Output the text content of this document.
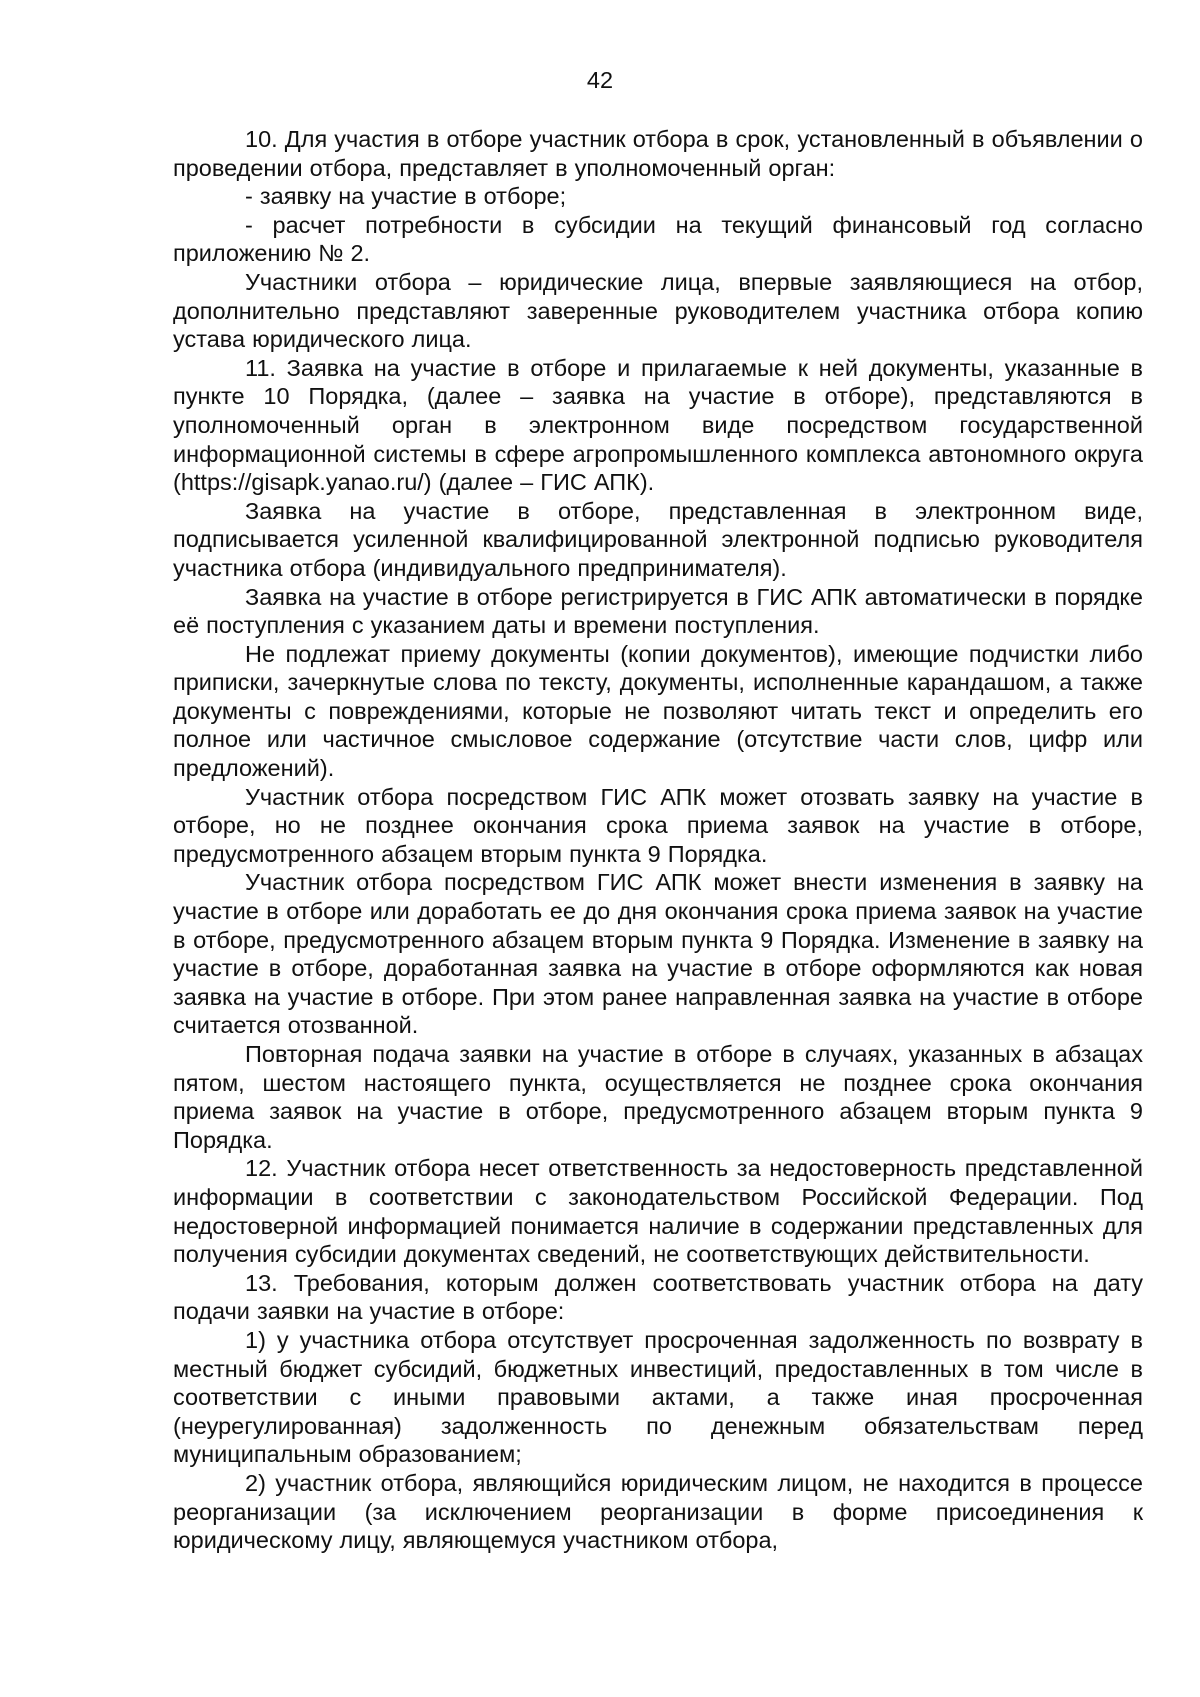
42

10. Для участия в отборе участник отбора в срок, установленный в объявлении о проведении отбора, представляет в уполномоченный орган:

- заявку на участие в отборе;

- расчет потребности в субсидии на текущий финансовый год согласно приложению № 2.

Участники отбора – юридические лица, впервые заявляющиеся на отбор, дополнительно представляют заверенные руководителем участника отбора копию устава юридического лица.

11. Заявка на участие в отборе и прилагаемые к ней документы, указанные в пункте 10 Порядка, (далее – заявка на участие в отборе), представляются в уполномоченный орган в электронном виде посредством государственной информационной системы в сфере агропромышленного комплекса автономного округа (https://gisapk.yanao.ru/) (далее – ГИС АПК).

Заявка на участие в отборе, представленная в электронном виде, подписывается усиленной квалифицированной электронной подписью руководителя участника отбора (индивидуального предпринимателя).

Заявка на участие в отборе регистрируется в ГИС АПК автоматически в порядке её поступления с указанием даты и времени поступления.

Не подлежат приему документы (копии документов), имеющие подчистки либо приписки, зачеркнутые слова по тексту, документы, исполненные карандашом, а также документы с повреждениями, которые не позволяют читать текст и определить его полное или частичное смысловое содержание (отсутствие части слов, цифр или предложений).

Участник отбора посредством ГИС АПК может отозвать заявку на участие в отборе, но не позднее окончания срока приема заявок на участие в отборе, предусмотренного абзацем вторым пункта 9 Порядка.

Участник отбора посредством ГИС АПК может внести изменения в заявку на участие в отборе или доработать ее до дня окончания срока приема заявок на участие в отборе, предусмотренного абзацем вторым пункта 9 Порядка. Изменение в заявку на участие в отборе, доработанная заявка на участие в отборе оформляются как новая заявка на участие в отборе. При этом ранее направленная заявка на участие в отборе считается отозванной.

Повторная подача заявки на участие в отборе в случаях, указанных в абзацах пятом, шестом настоящего пункта, осуществляется не позднее срока окончания приема заявок на участие в отборе, предусмотренного абзацем вторым пункта 9 Порядка.

12. Участник отбора несет ответственность за недостоверность представленной информации в соответствии с законодательством Российской Федерации. Под недостоверной информацией понимается наличие в содержании представленных для получения субсидии документах сведений, не соответствующих действительности.

13. Требования, которым должен соответствовать участник отбора на дату подачи заявки на участие в отборе:

1) у участника отбора отсутствует просроченная задолженность по возврату в местный бюджет субсидий, бюджетных инвестиций, предоставленных в том числе в соответствии с иными правовыми актами, а также иная просроченная (неурегулированная) задолженность по денежным обязательствам перед муниципальным образованием;

2) участник отбора, являющийся юридическим лицом, не находится в процессе реорганизации (за исключением реорганизации в форме присоединения к юридическому лицу, являющемуся участником отбора,
